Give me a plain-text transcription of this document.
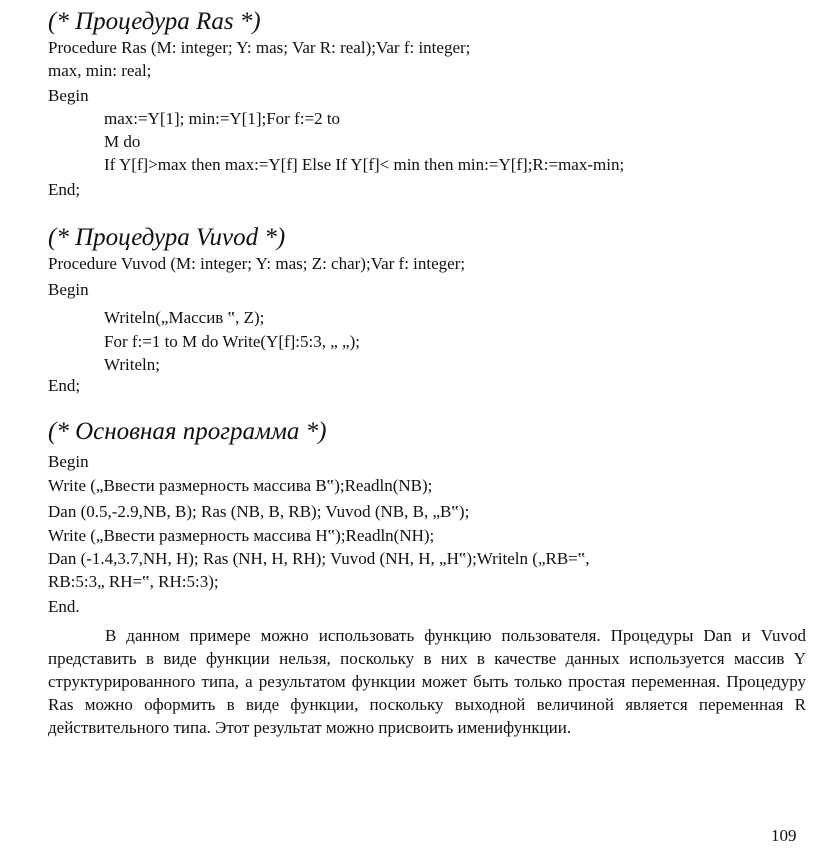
(* Процедура Ras *)
Procedure Ras (M: integer; Y: mas; Var R: real);Var f: integer;
max, min: real;
Begin
max:=Y[1]; min:=Y[1];For f:=2 to
M do
If Y[f]>max then max:=Y[f] Else If Y[f]< min then min:=Y[f];R:=max-min;
End;
(* Процедура Vuvod *)
Procedure Vuvod (M: integer; Y: mas; Z: char);Var f: integer;
Begin
Writeln(„Массив ‟, Z);
For f:=1 to M do Write(Y[f]:5:3, „ „);
Writeln;
End;
(* Основная программа *)
Begin
Write („Ввести размерность массива B‟);Readln(NB);
Dan (0.5,-2.9,NB, B); Ras (NB, B, RB); Vuvod (NB, B, „B‟);
Write („Ввести размерность массива H‟);Readln(NH);
Dan (-1.4,3.7,NH, H); Ras (NH, H, RH); Vuvod (NH, H, „H‟);Writeln („RB=‟,
RB:5:3„ RH=‟, RH:5:3);
End.
В данном примере можно использовать функцию пользователя. Процедуры Dan и Vuvod представить в виде функции нельзя, поскольку в них в качестве данных используется массив Y структурированного типа, а результатом функции может быть только простая переменная. Процедуру Ras можно оформить в виде функции, поскольку выходной величиной является переменная R действительного типа. Этот результат можно присвоить именифункции.
109
